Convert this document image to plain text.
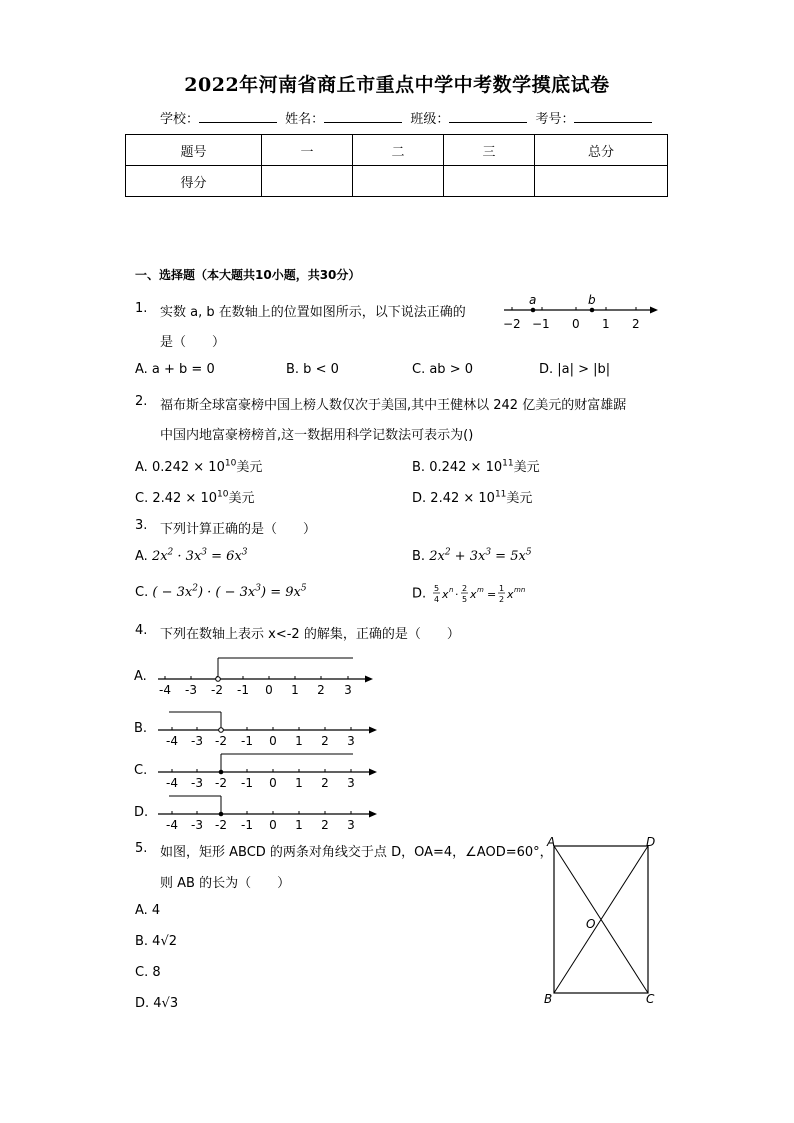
2022年河南省商丘市重点中学中考数学摸底试卷
学校：	姓名：	班级：	考号：
题号	一	二	三	总分
得分				
一、选择题（本大题共10小题，共30分）
1. 实数 a, b 在数轴上的位置如图所示，以下说法正确的
是（　　）
a	b
−2 −1 0 1 2
A. a + b = 0	B. b < 0	C. ab > 0	D. |a| > |b|
2. 福布斯全球富豪榜中国上榜人数仅次于美国,其中王健林以 242 亿美元的财富雄踞
中国内地富豪榜榜首,这一数据用科学记数法可表示为()
A. $0.242 \times 10^{10}$美元	B. $0.242 \times 10^{11}$美元
C. $2.42 \times 10^{10}$美元	D. $2.42 \times 10^{11}$美元
3. 下列计算正确的是（　　）
A. $2x^2 \cdot 3x^3 = 6x^3$	B. $2x^2 + 3x^3 = 5x^5$
C. ( − $3x^2$) · ( − $3x^3) = 9x^5$	D. 5
4 x n · 2
5 x m = 1
2 x mn
4. 下列在数轴上表示 x<-2 的解集，正确的是（　　）
A.
-4 -3 -2 -1 0 1 2 3
B.
-4 -3 -2 -1 0 1 2 3
C.
-4 -3 -2 -1 0 1 2 3
D.
-4 -3 -2 -1 0 1 2 3
5. 如图，矩形 ABCD 的两条对角线交于点 D，OA=4，∠AOD=60°，
则 AB 的长为（　　）
A. 4
B. 4√2
C. 8
D. 4√3
A	D
B	C
O
